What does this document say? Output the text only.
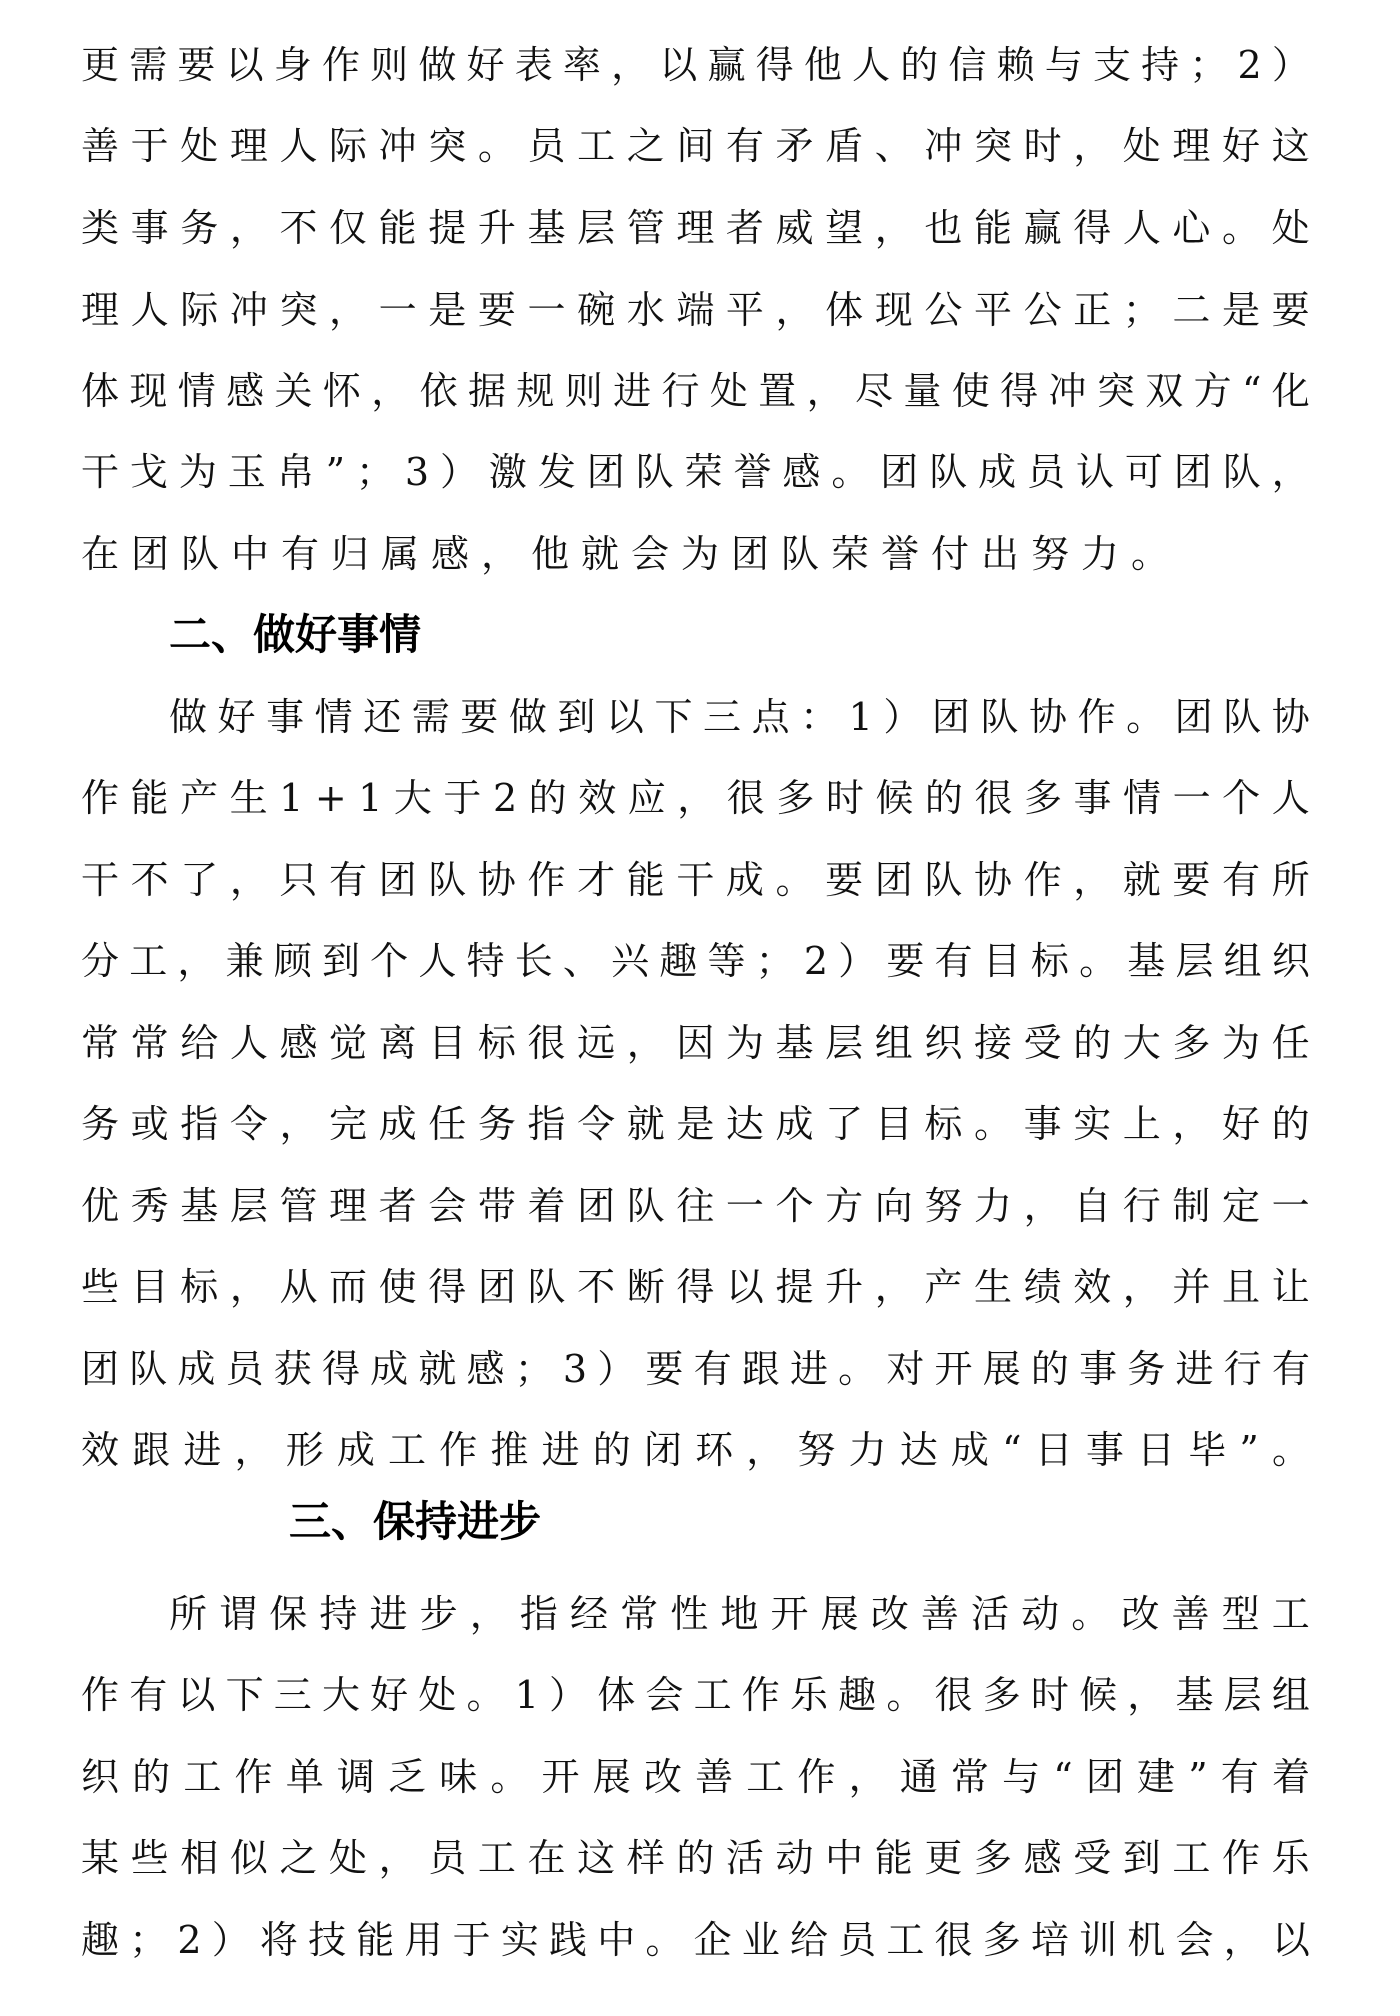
更 需 要 以 身 作 则 做 好 表 率 ， 以 赢 得 他 人 的 信 赖 与 支 持 ； 2 ）
善 于 处 理 人 际 冲 突 。 员 工 之 间 有 矛 盾 、 冲 突 时 ， 处 理 好 这
类 事 务 ， 不 仅 能 提 升 基 层 管 理 者 威 望 ， 也 能 赢 得 人 心 。 处
理 人 际 冲 突 ， 一 是 要 一 碗 水 端 平 ， 体 现 公 平 公 正 ； 二 是 要
体 现 情 感 关 怀 ， 依 据 规 则 进 行 处 置 ， 尽 量 使 得 冲 突 双 方 “ 化
干 戈 为 玉 帛 ” ； 3 ） 激 发 团 队 荣 誉 感 。 团 队 成 员 认 可 团 队 ，
在团队中有归属感，他就会为团队荣誉付出努力。
二、做好事情
做 好 事 情 还 需 要 做 到 以 下 三 点 ： 1 ） 团 队 协 作 。 团 队 协
作 能 产 生 1 + 1 大 于 2 的 效 应 ， 很 多 时 候 的 很 多 事 情 一 个 人
干 不 了 ， 只 有 团 队 协 作 才 能 干 成 。 要 团 队 协 作 ， 就 要 有 所
分 工 ， 兼 顾 到 个 人 特 长 、 兴 趣 等 ； 2 ） 要 有 目 标 。 基 层 组 织
常 常 给 人 感 觉 离 目 标 很 远 ， 因 为 基 层 组 织 接 受 的 大 多 为 任
务 或 指 令 ， 完 成 任 务 指 令 就 是 达 成 了 目 标 。 事 实 上 ， 好 的
优 秀 基 层 管 理 者 会 带 着 团 队 往 一 个 方 向 努 力 ， 自 行 制 定 一
些 目 标 ， 从 而 使 得 团 队 不 断 得 以 提 升 ， 产 生 绩 效 ， 并 且 让
团 队 成 员 获 得 成 就 感 ； 3 ） 要 有 跟 进 。 对 开 展 的 事 务 进 行 有
效 跟 进 ， 形 成 工 作 推 进 的 闭 环 ， 努 力 达 成 “ 日 事 日 毕 ” 。
三、保持进步
所 谓 保 持 进 步 ， 指 经 常 性 地 开 展 改 善 活 动 。 改 善 型 工
作 有 以 下 三 大 好 处 。 1 ） 体 会 工 作 乐 趣 。 很 多 时 候 ， 基 层 组
织 的 工 作 单 调 乏 味 。 开 展 改 善 工 作 ， 通 常 与 “ 团 建 ” 有 着
某 些 相 似 之 处 ， 员 工 在 这 样 的 活 动 中 能 更 多 感 受 到 工 作 乐
趣 ； 2 ） 将 技 能 用 于 实 践 中 。 企 业 给 员 工 很 多 培 训 机 会 ， 以
